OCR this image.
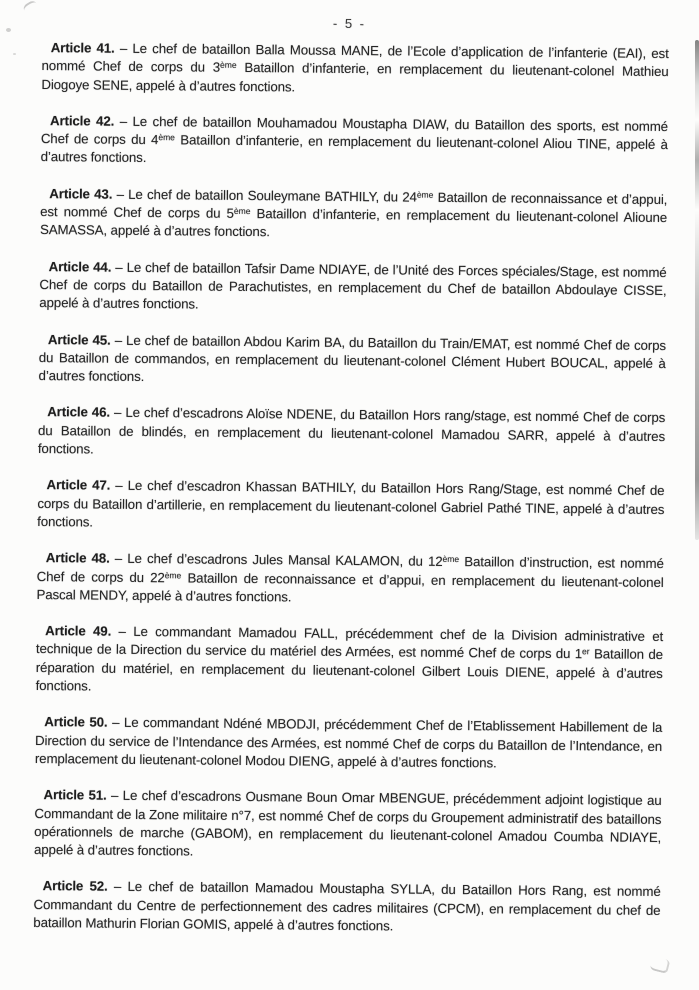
- 5 -

Article 41. – Le chef de bataillon Balla Moussa MANE, de l’Ecole d’application de l’infanterie (EAI), est nommé Chef de corps du 3ème Bataillon d’infanterie, en remplacement du lieutenant-colonel Mathieu Diogoye SENE, appelé à d’autres fonctions.

Article 42. – Le chef de bataillon Mouhamadou Moustapha DIAW, du Bataillon des sports, est nommé Chef de corps du 4ème Bataillon d’infanterie, en remplacement du lieutenant-colonel Aliou TINE, appelé à d’autres fonctions.

Article 43. – Le chef de bataillon Souleymane BATHILY, du 24ème Bataillon de reconnaissance et d’appui, est nommé Chef de corps du 5ème Bataillon d’infanterie, en remplacement du lieutenant-colonel Alioune SAMASSA, appelé à d’autres fonctions.

Article 44. – Le chef de bataillon Tafsir Dame NDIAYE, de l’Unité des Forces spéciales/Stage, est nommé Chef de corps du Bataillon de Parachutistes, en remplacement du Chef de bataillon Abdoulaye CISSE, appelé à d’autres fonctions.

Article 45. – Le chef de bataillon Abdou Karim BA, du Bataillon du Train/EMAT, est nommé Chef de corps du Bataillon de commandos, en remplacement du lieutenant-colonel Clément Hubert BOUCAL, appelé à d’autres fonctions.

Article 46. – Le chef d’escadrons Aloïse NDENE, du Bataillon Hors rang/stage, est nommé Chef de corps du Bataillon de blindés, en remplacement du lieutenant-colonel Mamadou SARR, appelé à d’autres fonctions.

Article 47. – Le chef d’escadron Khassan BATHILY, du Bataillon Hors Rang/Stage, est nommé Chef de corps du Bataillon d’artillerie, en remplacement du lieutenant-colonel Gabriel Pathé TINE, appelé à d’autres fonctions.

Article 48. – Le chef d’escadrons Jules Mansal KALAMON, du 12ème Bataillon d’instruction, est nommé Chef de corps du 22ème Bataillon de reconnaissance et d’appui, en remplacement du lieutenant-colonel Pascal MENDY, appelé à d’autres fonctions.

Article 49. – Le commandant Mamadou FALL, précédemment chef de la Division administrative et technique de la Direction du service du matériel des Armées, est nommé Chef de corps du 1er Bataillon de réparation du matériel, en remplacement du lieutenant-colonel Gilbert Louis DIENE, appelé à d’autres fonctions.

Article 50. – Le commandant Ndéné MBODJI, précédemment Chef de l’Etablissement Habillement de la Direction du service de l’Intendance des Armées, est nommé Chef de corps du Bataillon de l’Intendance, en remplacement du lieutenant-colonel Modou DIENG, appelé à d’autres fonctions.

Article 51. – Le chef d’escadrons Ousmane Boun Omar MBENGUE, précédemment adjoint logistique au Commandant de la Zone militaire n°7, est nommé Chef de corps du Groupement administratif des bataillons opérationnels de marche (GABOM), en remplacement du lieutenant-colonel Amadou Coumba NDIAYE, appelé à d’autres fonctions.

Article 52. – Le chef de bataillon Mamadou Moustapha SYLLA, du Bataillon Hors Rang, est nommé Commandant du Centre de perfectionnement des cadres militaires (CPCM), en remplacement du chef de bataillon Mathurin Florian GOMIS, appelé à d’autres fonctions.
